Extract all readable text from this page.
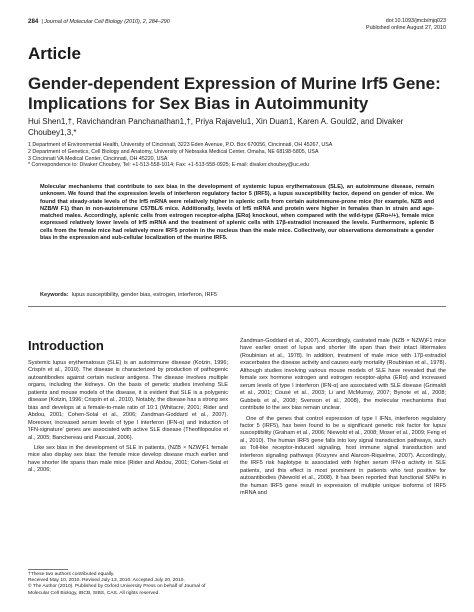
284 | Journal of Molecular Cell Biology (2010), 2, 284–290	doi:10.1093/jmcb/mjq023
Published online August 27, 2010
Article
Gender-dependent Expression of Murine Irf5 Gene: Implications for Sex Bias in Autoimmunity
Hui Shen1,†, Ravichandran Panchanathan1,†, Priya Rajavelu1, Xin Duan1, Karen A. Gould2, and Divaker Choubey1,3,*
1 Department of Environmental Health, University of Cincinnati, 3223 Eden Avenue, P.O. Box 670056, Cincinnati, OH 45267, USA
2 Department of Genetics, Cell Biology and Anatomy, University of Nebraska Medical Center, Omaha, NE 68198-5805, USA
3 Cincinnati VA Medical Center, Cincinnati, OH 45220, USA
* Correspondence to: Divaker Choubey, Tel: +1-513-558-1014; Fax: +1-513-558-0925; E-mail: divaker.choubey@uc.edu
Molecular mechanisms that contribute to sex bias in the development of systemic lupus erythematosus (SLE), an autoimmune disease, remain unknown. We found that the expression levels of interferon regulatory factor 5 (IRF5), a lupus susceptibility factor, depend on gender of mice. We found that steady-state levels of the Irf5 mRNA were relatively higher in splenic cells from certain autoimmune-prone mice (for example, NZB and NZB/W F1) than in non-autoimmune C57BL/6 mice. Additionally, levels of Irf5 mRNA and protein were higher in females than in strain and age-matched males. Accordingly, splenic cells from estrogen receptor-alpha (ERα) knockout, when compared with the wild-type (ERα+/+), female mice expressed relatively lower levels of Irf5 mRNA and the treatment of splenic cells with 17β-estradiol increased the levels. Furthermore, splenic B cells from the female mice had relatively more IRF5 protein in the nucleus than the male mice. Collectively, our observations demonstrate a gender bias in the expression and sub-cellular localization of the murine IRF5.
Keywords: lupus susceptibility, gender bias, estrogen, interferon, IRF5
Introduction

Systemic lupus erythematosus (SLE) is an autoimmune disease (Kotzin, 1996; Crispín et al., 2010). The disease is characterized by production of pathogenic autoantibodies against certain nuclear antigens. The disease involves multiple organs, including the kidneys. On the basis of genetic studies involving SLE patients and mouse models of the disease, it is evident that SLE is a polygenic disease (Kotzin, 1996; Crispín et al., 2010). Notably, the disease has a strong sex bias and develops at a female-to-male ratio of 10:1 (Whitacre, 2001; Rider and Abdou, 2001; Cohen-Solal et al., 2006; Zandman-Goddard et al., 2007). Moreover, increased serum levels of type I interferon (IFN-α) and induction of 'IFN-signature' genes are associated with active SLE disease (Theofilopoulos et al., 2005; Banchereau and Pascual, 2006).

Like sex bias in the development of SLE in patients, (NZB × NZW)F1 female mice also display sex bias: the female mice develop disease much earlier and have shorter life spans than male mice (Rider and Abdou, 2001; Cohen-Solal et al., 2006;

Zandman-Goddard et al., 2007). Accordingly, castrated male (NZB × NZW)F1 mice have earlier onset of lupus and shorter life span than their intact littermates (Roubinian et al., 1978). In addition, treatment of male mice with 17β-estradiol exacerbates the disease activity and causes early mortality (Roubinian et al., 1978). Although studies involving various mouse models of SLE have revealed that the female sex hormone estrogen and estrogen receptor-alpha (ERα) and increased serum levels of type I interferon (IFN-α) are associated with SLE disease (Grimaldi et al., 2001; Cousé et al., 2003; Li and McMurray, 2007; Bynote et al., 2008; Gubbels et al., 2008; Svenson et al., 2008), the molecular mechanisms that contribute to the sex bias remain unclear.

One of the genes that control expression of type I IFNs, interferon regulatory factor 5 (IRF5), has been found to be a significant genetic risk factor for lupus susceptibility (Graham et al., 2006; Niewold et al., 2008; Moser et al., 2009; Feng et al., 2010). The human IRF5 gene falls into key signal transduction pathways, such as Toll-like receptor-induced signaling, host immune signal transduction and interferon signaling pathways (Kozyrev and Alarcon-Riquelme, 2007). Accordingly, the IRF5 risk haplotype is associated with higher serum IFN-α activity in SLE patients, and this effect is most prominent in patients who test positive for autoantibodies (Niewold et al., 2008). It has been reported that functional SNPs in the human IRF5 gene result in expression of multiple unique isoforms of IRF5 mRNA and

†These two authors contributed equally.
Received May 10, 2010. Revised July 13, 2010. Accepted July 20, 2010.
© The Author (2010). Published by Oxford University Press on behalf of Journal of Molecular Cell Biology, IBCB, SIBS, CAS. All rights reserved.
